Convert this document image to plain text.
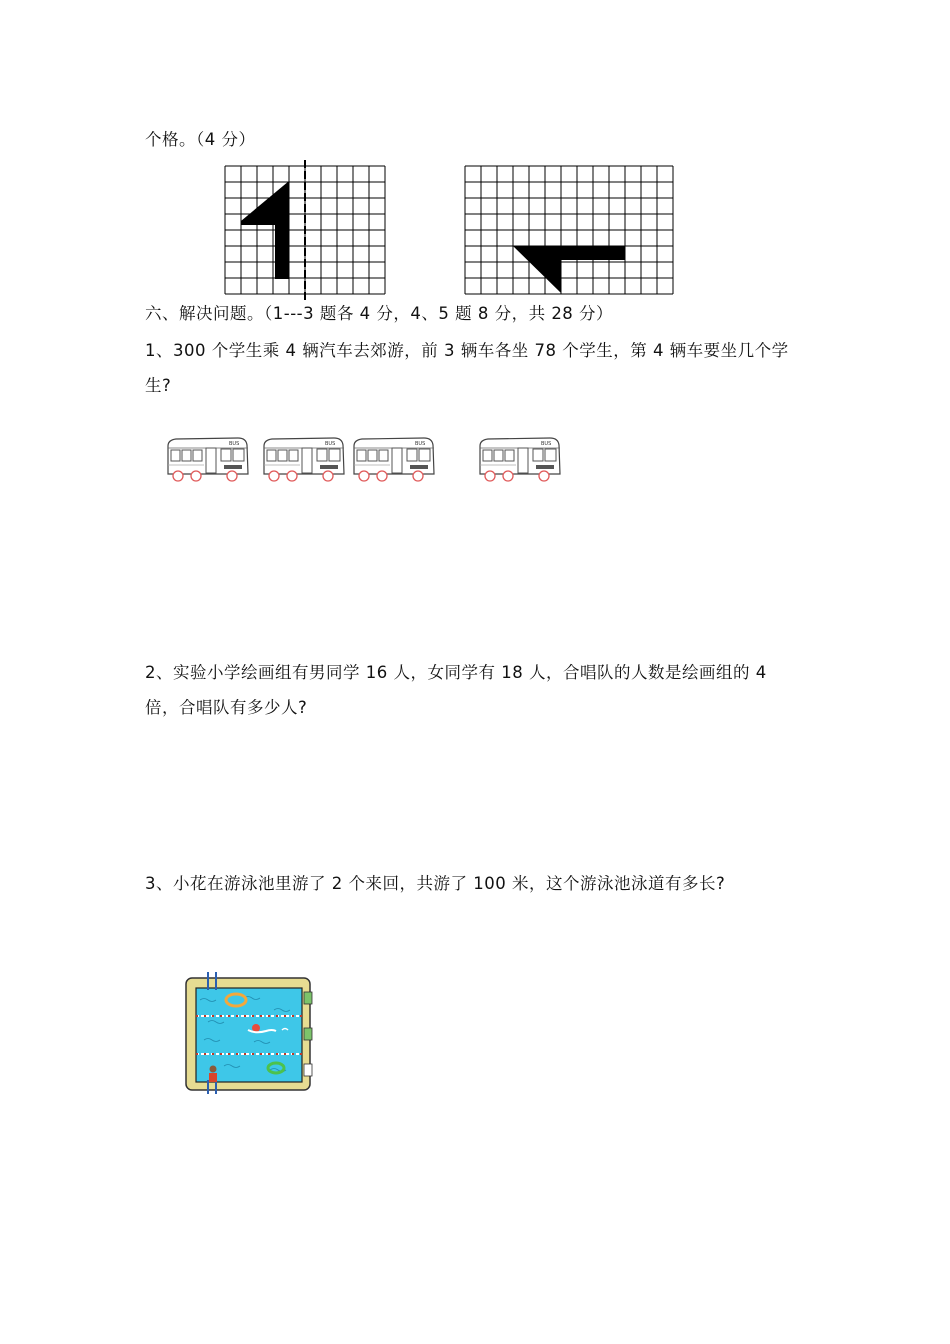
个格。（4 分）
六、解决问题。（1---3 题各 4 分，4、5 题 8 分，共 28 分）
1、300 个学生乘 4 辆汽车去郊游，前 3 辆车各坐 78 个学生，第 4 辆车要坐几个学
生?
BUS
2、实验小学绘画组有男同学 16 人，女同学有 18 人，合唱队的人数是绘画组的 4
倍，合唱队有多少人?
3、小花在游泳池里游了 2 个来回，共游了 100 米，这个游泳池泳道有多长?
